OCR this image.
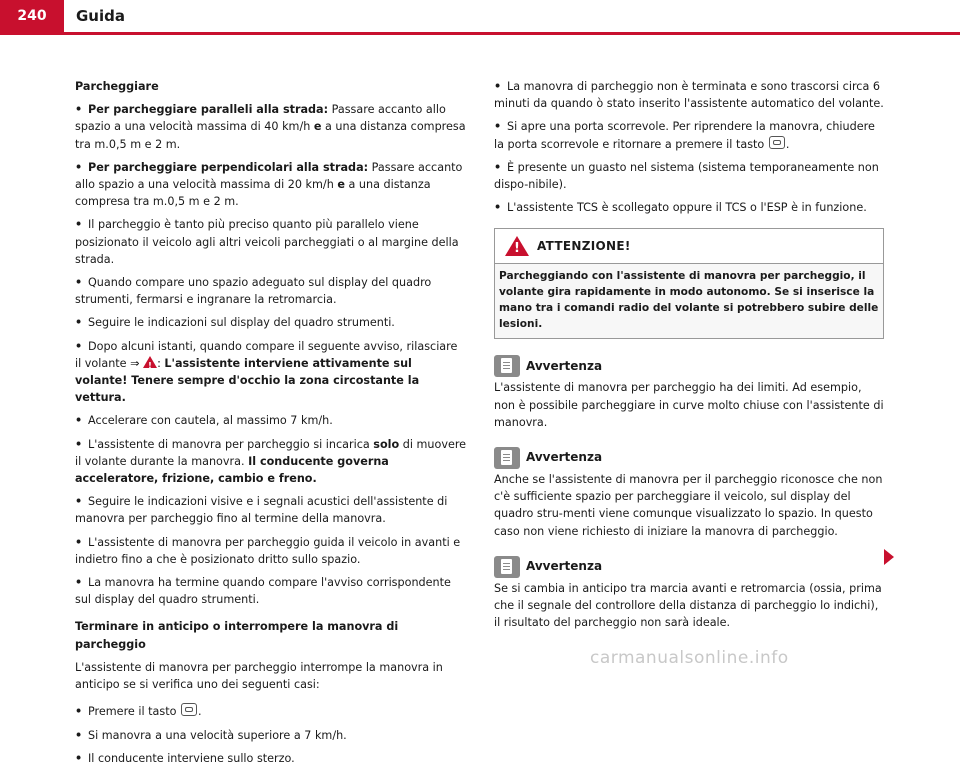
240	Guida

Parcheggiare

• Per parcheggiare paralleli alla strada: Passare accanto allo spazio a una velocità massima di 40 km/h e a una distanza compresa tra m.0,5 m e 2 m.

• Per parcheggiare perpendicolari alla strada: Passare accanto allo spazio a una velocità massima di 20 km/h e a una distanza compresa tra m.0,5 m e 2 m.

• Il parcheggio è tanto più preciso quanto più parallelo viene posizionato il veicolo agli altri veicoli parcheggiati o al margine della strada.

• Quando compare uno spazio adeguato sul display del quadro strumenti, fermarsi e ingranare la retromarcia.

• Seguire le indicazioni sul display del quadro strumenti.

• Dopo alcuni istanti, quando compare il seguente avviso, rilasciare il volante ⇒ !: L'assistente interviene attivamente sul volante! Tenere sempre d'occhio la zona circostante la vettura.

• Accelerare con cautela, al massimo 7 km/h.

• L'assistente di manovra per parcheggio si incarica solo di muovere il volante durante la manovra. Il conducente governa acceleratore, frizione, cambio e freno.

• Seguire le indicazioni visive e i segnali acustici dell'assistente di manovra per parcheggio fino al termine della manovra.

• L'assistente di manovra per parcheggio guida il veicolo in avanti e indietro fino a che è posizionato dritto sullo spazio.

• La manovra ha termine quando compare l'avviso corrispondente sul display del quadro strumenti.

Terminare in anticipo o interrompere la manovra di parcheggio

L'assistente di manovra per parcheggio interrompe la manovra in anticipo se si verifica uno dei seguenti casi:

• Premere il tasto .

• Si manovra a una velocità superiore a 7 km/h.

• Il conducente interviene sullo sterzo.

• La manovra di parcheggio non è terminata e sono trascorsi circa 6 minuti da quando ò stato inserito l'assistente automatico del volante.

• Si apre una porta scorrevole. Per riprendere la manovra, chiudere la porta scorrevole e ritornare a premere il tasto .

• È presente un guasto nel sistema (sistema temporaneamente non dispo-nibile).

• L'assistente TCS è scollegato oppure il TCS o l'ESP è in funzione.

!
ATTENZIONE!
Parcheggiando con l'assistente di manovra per parcheggio, il volante gira rapidamente in modo autonomo. Se si inserisce la mano tra i comandi radio del volante si potrebbero subire delle lesioni.
Avvertenza

L'assistente di manovra per parcheggio ha dei limiti. Ad esempio, non è possibile parcheggiare in curve molto chiuse con l'assistente di manovra.

Avvertenza

Anche se l'assistente di manovra per il parcheggio riconosce che non c'è sufficiente spazio per parcheggiare il veicolo, sul display del quadro stru-menti viene comunque visualizzato lo spazio. In questo caso non viene richiesto di iniziare la manovra di parcheggio.

Avvertenza

Se si cambia in anticipo tra marcia avanti e retromarcia (ossia, prima che il segnale del controllore della distanza di parcheggio lo indichi), il risultato del parcheggio non sarà ideale.

carmanualsonline.info
